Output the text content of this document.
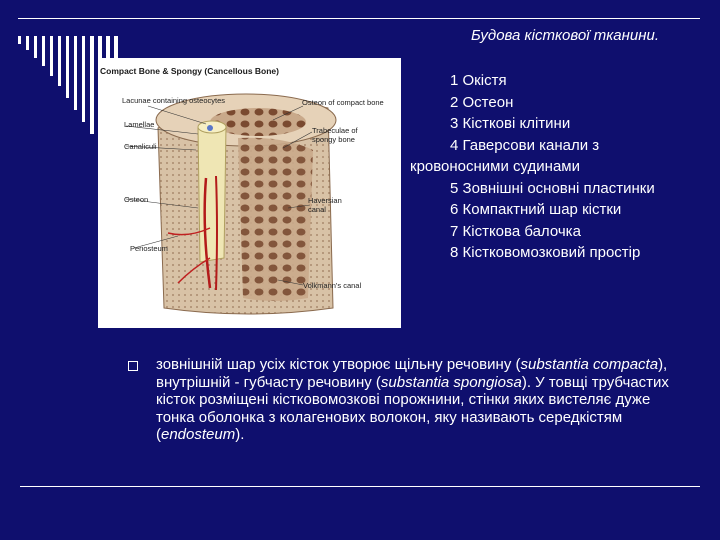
Будова кісткової тканини.
1 Окістя
2 Остеон
3 Кісткові клітини
4 Гаверсови канали з кровоносними судинами
5 Зовнішні основні пластинки
6 Компактний шар кістки
7 Кісткова балочка
8 Кістковомозковий простір
Compact Bone & Spongy (Cancellous Bone)
Lacunae containing osteocytes
Lamellae
Canaliculi
Osteon
Periosteum
Osteon of compact bone
Trabeculae of spongy bone
Haversian canal
Volkmann's canal
зовнішній шар усіх кісток утворює щільну речовину (substantia compacta), внутрішній - губчасту речовину (substantia spongiosa). У товщі трубчастих кісток розміщені кістковомозкові порожнини, стінки яких вистеляє дуже тонка оболонка з колагенових волокон, яку називають середкістям (endosteum).
